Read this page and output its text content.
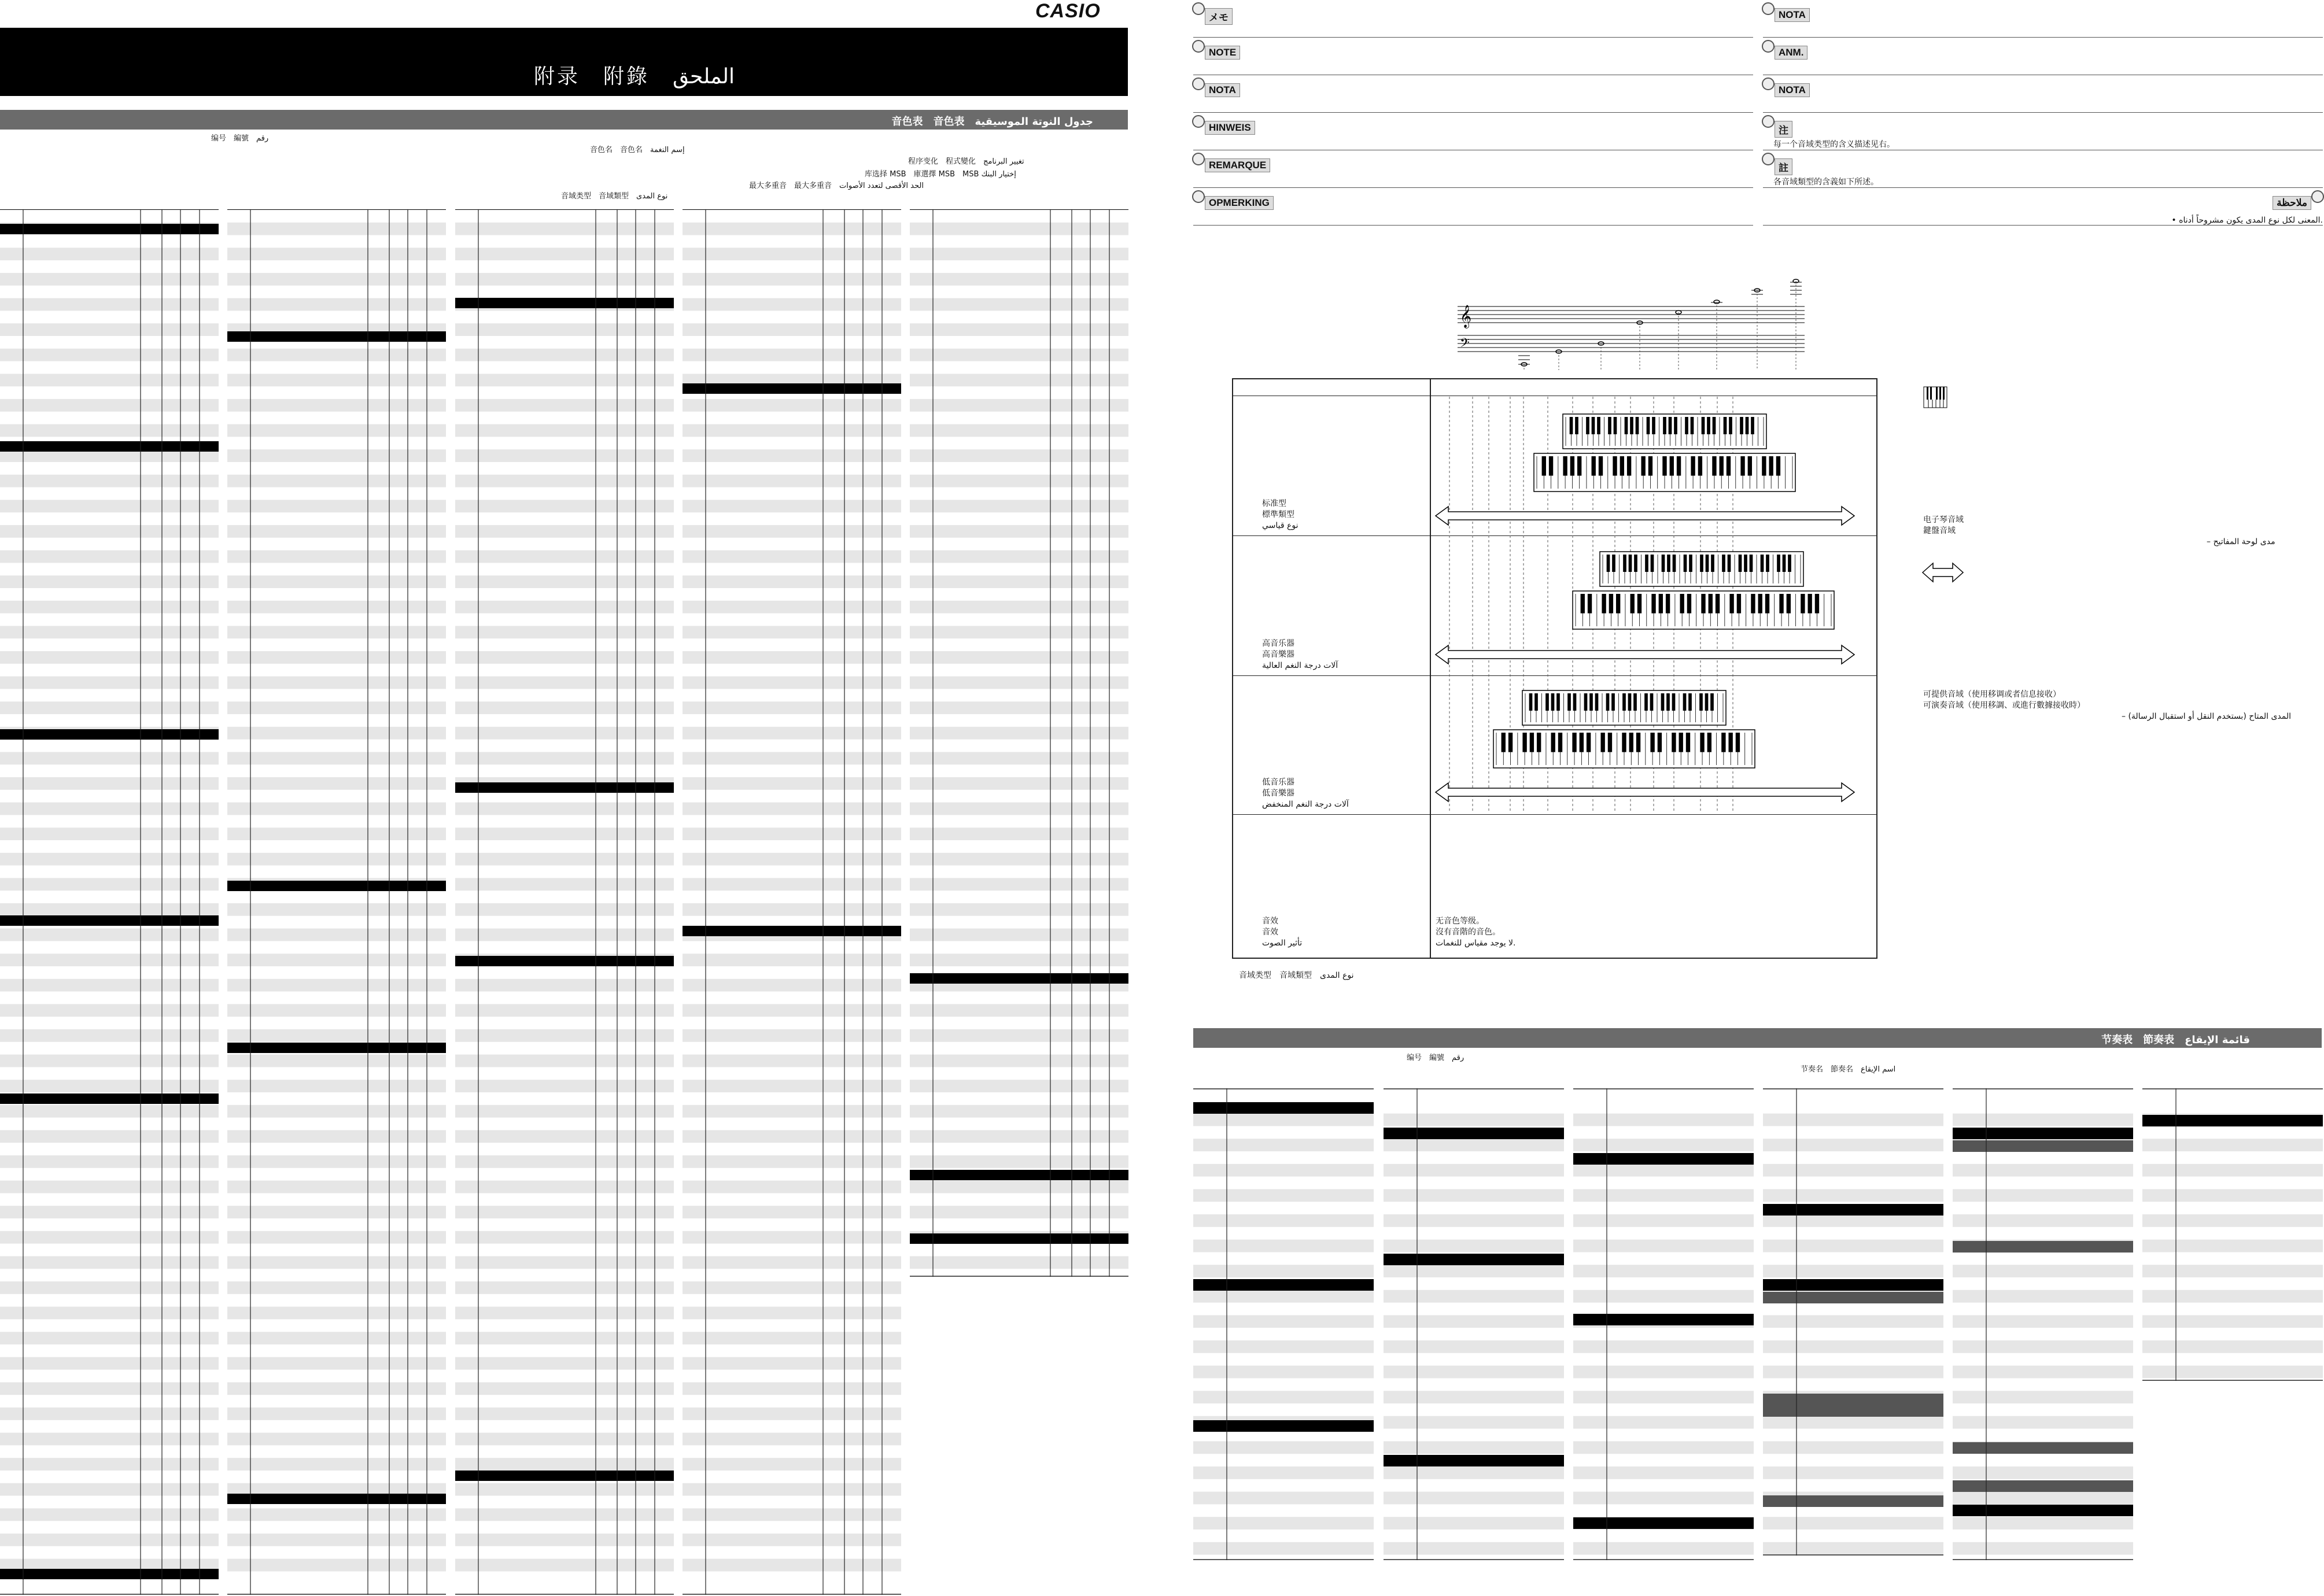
CASIO
附录　附錄　الملحق
音色表　音色表　جدول النوتة الموسيقية
编号　編號　رقم
音色名　音色名　إسم النغمة
程序变化　程式變化　تغيير البرنامج
库选择 MSB　庫選擇 MSB　MSB إختيار البنك
最大多重音　最大多重音　الحد الأقصى لتعدد الأصوات
音域类型　音域類型　نوع المدى
メモ
NOTE
NOTA
HINWEIS
REMARQUE
OPMERKING
NOTA
ANM.
NOTA
注
每一个音域类型的含义描述见右。
註
各音域類型的含義如下所述。
ملاحظة
• المعنى لكل نوع المدى يكون مشروحاً أدناه.
𝄞
𝄢
标准型
標準類型
نوع قياسي
高音乐器
高音樂器
آلات درجة النغم العالية
低音乐器
低音樂器
آلات درجة النغم المنخفض
音效
音效
تأثير الصوت
无音色等级。
沒有音階的音色。
لا يوجد مقياس للنغمات.
音域类型　音域類型　نوع المدى
电子琴音域
鍵盤音域
– مدى لوحة المفاتيح
可提供音域（使用移调或者信息接收）
可演奏音域（使用移調、或進行數據接收時）
– المدى المتاح (بستخدم النقل أو استقبال الرسالة)
节奏表　節奏表　قائمة الإيقاع
编号　編號　رقم
节奏名　節奏名　اسم الإيقاع
